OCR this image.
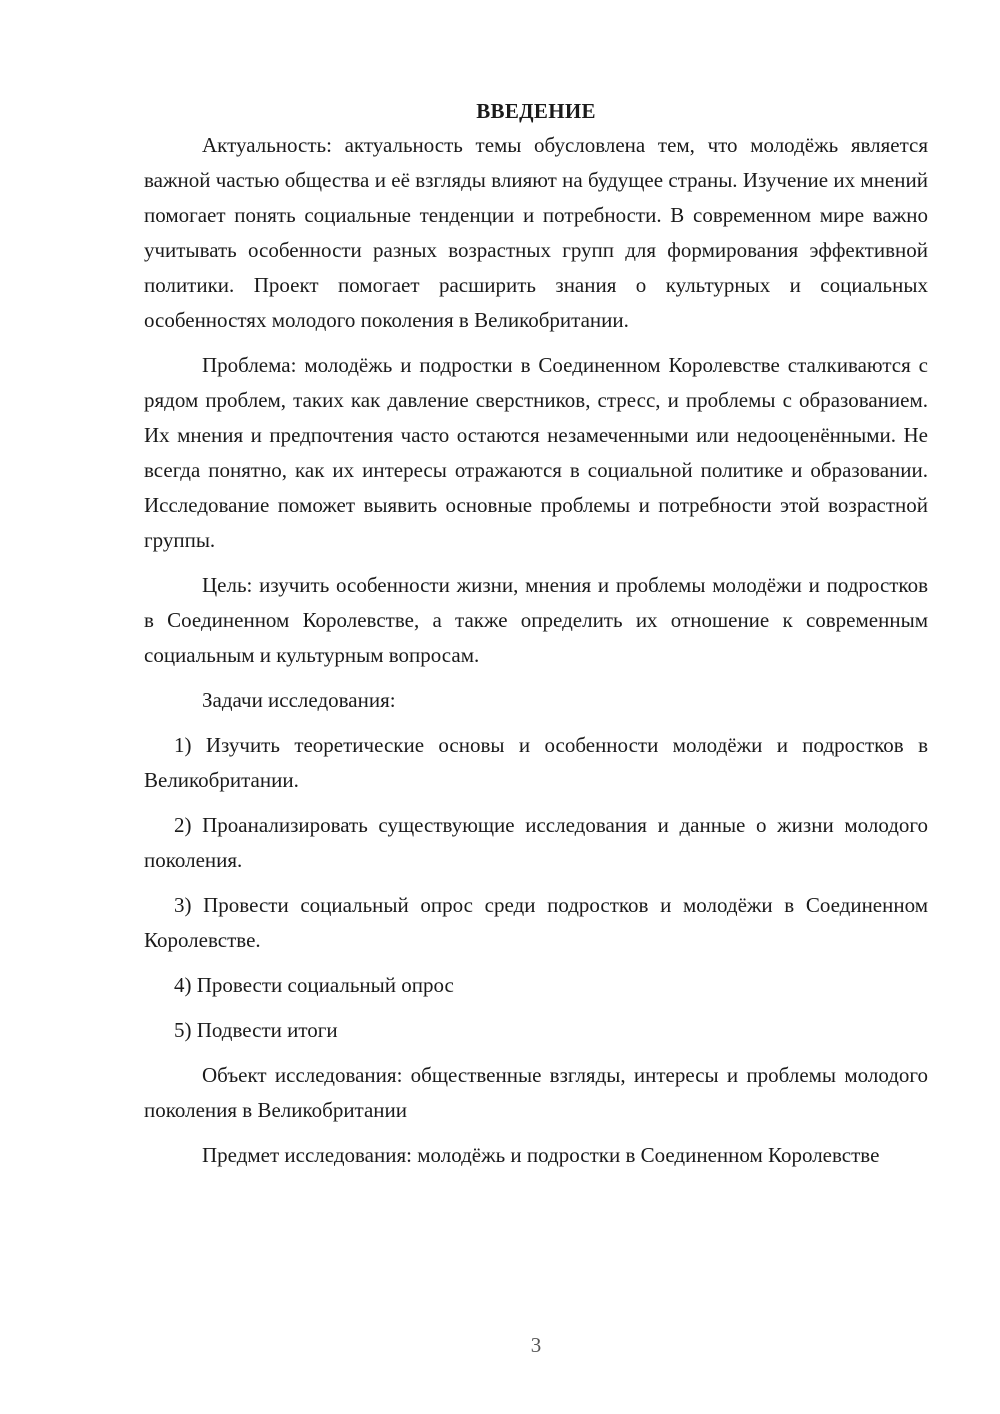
ВВЕДЕНИЕ

Актуальность: актуальность темы обусловлена тем, что молодёжь является важной частью общества и её взгляды влияют на будущее страны. Изучение их мнений помогает понять социальные тенденции и потребности. В современном мире важно учитывать особенности разных возрастных групп для формирования эффективной политики. Проект помогает расширить знания о культурных и социальных особенностях молодого поколения в Великобритании.

Проблема: молодёжь и подростки в Соединенном Королевстве сталкиваются с рядом проблем, таких как давление сверстников, стресс, и проблемы с образованием. Их мнения и предпочтения часто остаются незамеченными или недооценёнными. Не всегда понятно, как их интересы отражаются в социальной политике и образовании. Исследование поможет выявить основные проблемы и потребности этой возрастной группы.

Цель: изучить особенности жизни, мнения и проблемы молодёжи и подростков в Соединенном Королевстве, а также определить их отношение к современным социальным и культурным вопросам.

Задачи исследования:

1) Изучить теоретические основы и особенности молодёжи и подростков в Великобритании.

2) Проанализировать существующие исследования и данные о жизни молодого поколения.

3) Провести социальный опрос среди подростков и молодёжи в Соединенном Королевстве.

4) Провести социальный опрос

5) Подвести итоги

Объект исследования: общественные взгляды, интересы и проблемы молодого поколения в Великобритании

Предмет исследования: молодёжь и подростки в Соединенном Королевстве

3
